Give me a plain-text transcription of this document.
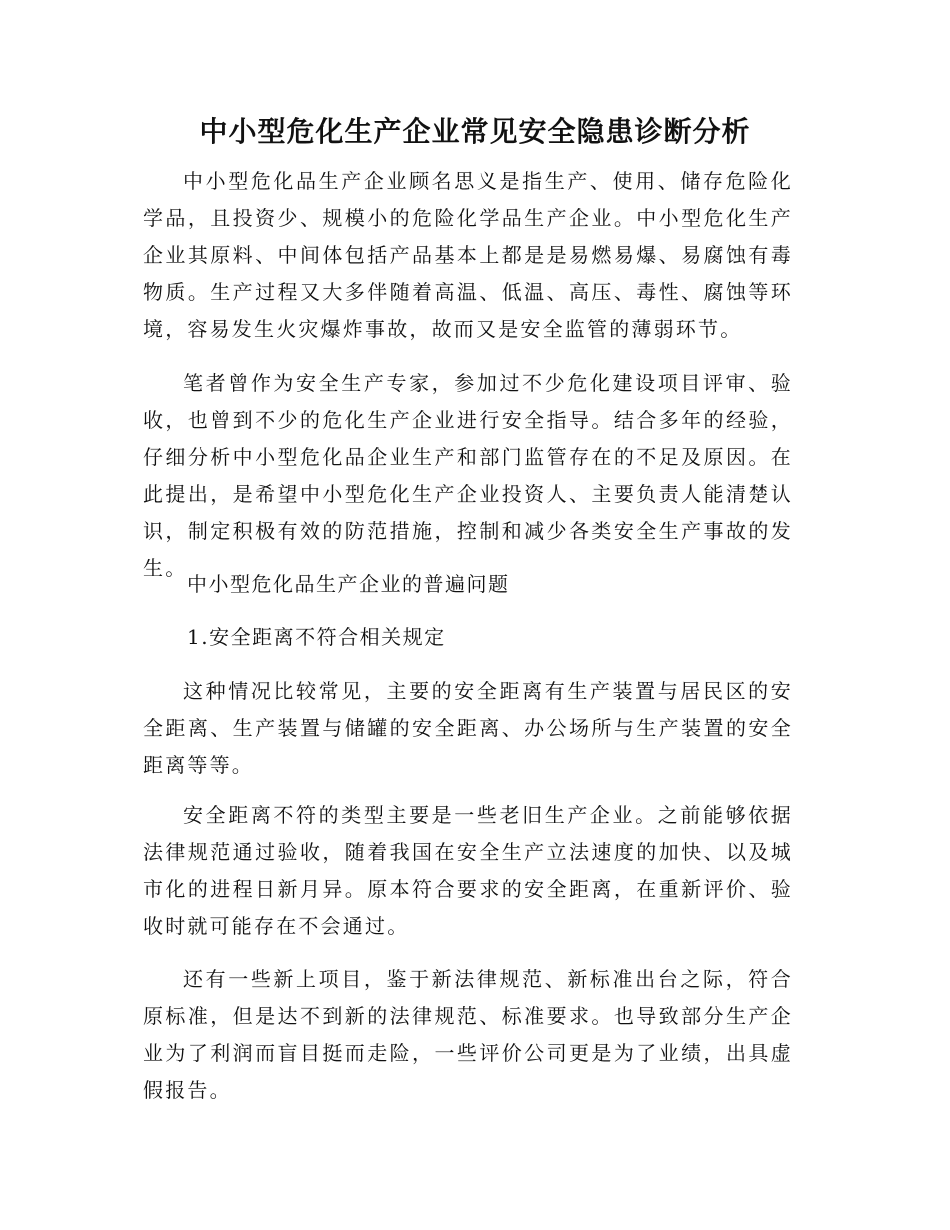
中小型危化生产企业常见安全隐患诊断分析

中小型危化品生产企业顾名思义是指生产、使用、储存危险化学品，且投资少、规模小的危险化学品生产企业。中小型危化生产企业其原料、中间体包括产品基本上都是是易燃易爆、易腐蚀有毒物质。生产过程又大多伴随着高温、低温、高压、毒性、腐蚀等环境，容易发生火灾爆炸事故，故而又是安全监管的薄弱环节。

笔者曾作为安全生产专家，参加过不少危化建设项目评审、验收，也曾到不少的危化生产企业进行安全指导。结合多年的经验，仔细分析中小型危化品企业生产和部门监管存在的不足及原因。在此提出，是希望中小型危化生产企业投资人、主要负责人能清楚认识，制定积极有效的防范措施，控制和减少各类安全生产事故的发生。

中小型危化品生产企业的普遍问题

1.安全距离不符合相关规定

这种情况比较常见，主要的安全距离有生产装置与居民区的安全距离、生产装置与储罐的安全距离、办公场所与生产装置的安全距离等等。

安全距离不符的类型主要是一些老旧生产企业。之前能够依据法律规范通过验收，随着我国在安全生产立法速度的加快、以及城市化的进程日新月异。原本符合要求的安全距离，在重新评价、验收时就可能存在不会通过。

还有一些新上项目，鉴于新法律规范、新标准出台之际，符合原标准，但是达不到新的法律规范、标准要求。也导致部分生产企业为了利润而盲目挺而走险，一些评价公司更是为了业绩，出具虚假报告。
